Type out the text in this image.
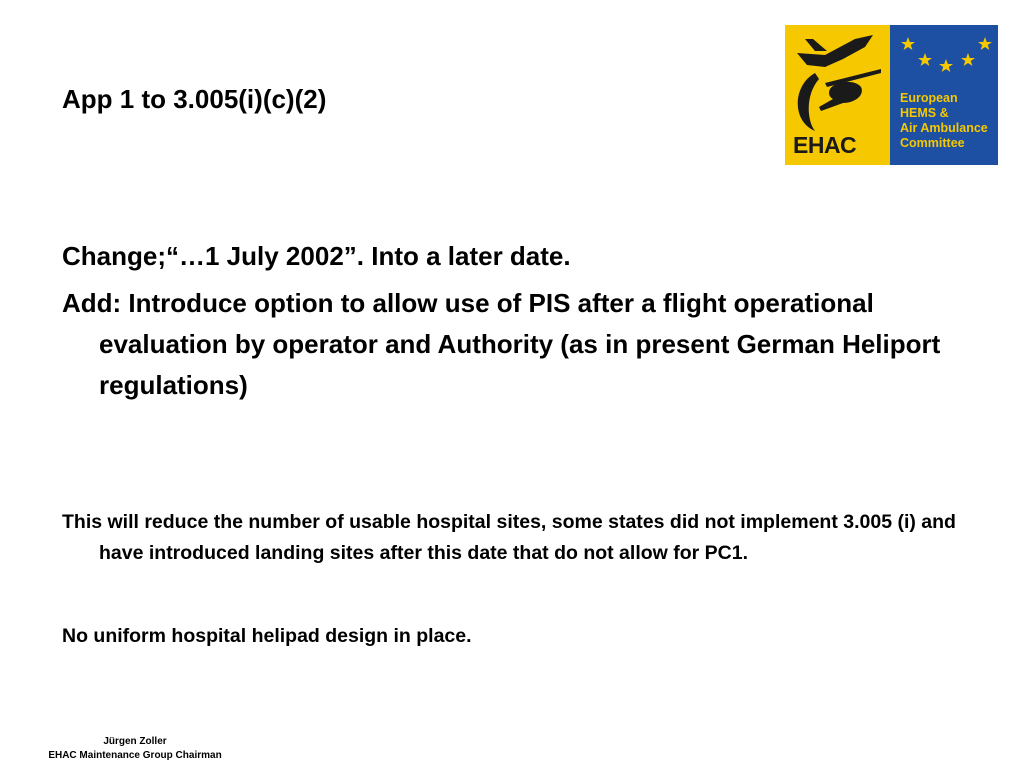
App 1 to 3.005(i)(c)(2)
EHAC
European
HEMS &
Air Ambulance
Committee
Change;“…1 July 2002”. Into a later date.
Add: Introduce option to allow use of PIS after a flight operational evaluation by operator and Authority (as in present German Heliport regulations)
This will reduce the number of usable hospital sites, some states did not implement 3.005 (i) and have introduced landing sites after this date that do not allow for PC1.
No uniform hospital helipad design in place.
Jürgen Zoller
EHAC Maintenance Group Chairman
